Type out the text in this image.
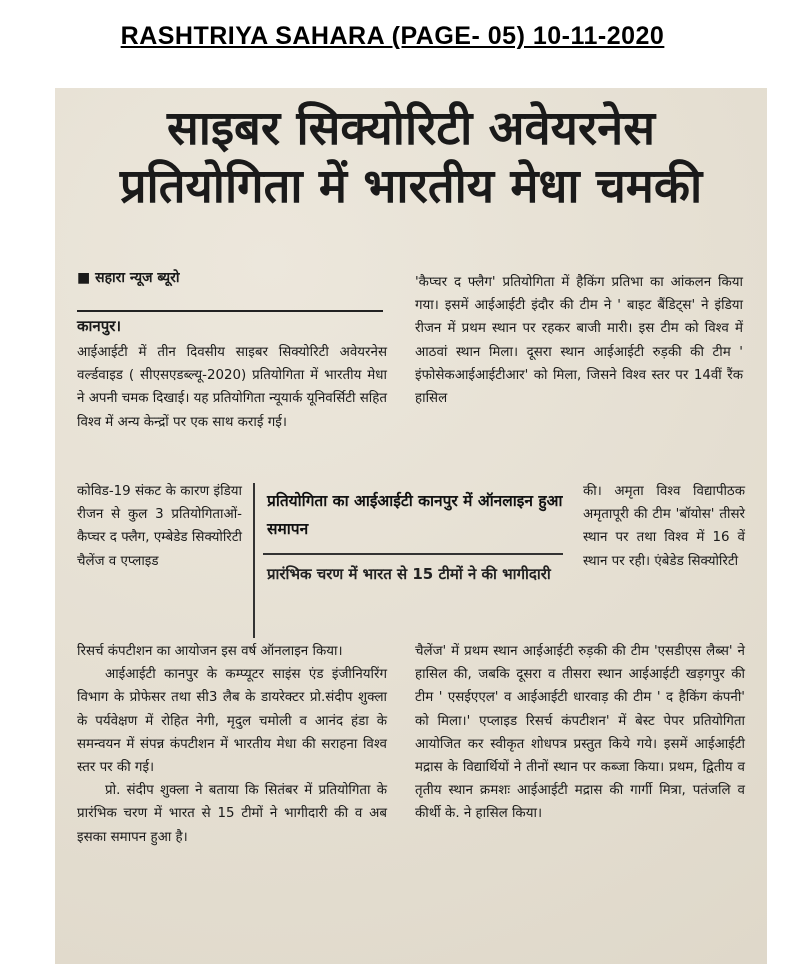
RASHTRIYA SAHARA (PAGE- 05) 10-11-2020
साइबर सिक्योरिटी अवेयरनेस
प्रतियोगिता में भारतीय मेधा चमकी
■ सहारा न्यूज ब्यूरो
कानपुर।

आईआईटी में तीन दिवसीय साइबर सिक्योरिटी अवेयरनेस वर्ल्डवाइड ( सीएसएडब्ल्यू-2020) प्रतियोगिता में भारतीय मेधा ने अपनी चमक दिखाई। यह प्रतियोगिता न्यूयार्क यूनिवर्सिटी सहित विश्व में अन्य केन्द्रों पर एक साथ कराई गई।

कोविड-19 संकट के कारण इंडिया रीजन से कुल 3 प्रतियोगिताओं- कैप्चर द फ्लैग, एम्बेडेड सिक्योरिटी चैलेंज व एप्लाइड

प्रतियोगिता का आईआईटी कानपुर में ऑनलाइन हुआ समापन
प्रारंभिक चरण में भारत से 15 टीमों ने की भागीदारी

रिसर्च कंपटीशन का आयोजन इस वर्ष ऑनलाइन किया।

आईआईटी कानपुर के कम्प्यूटर साइंस एंड इंजीनियरिंग विभाग के प्रोफेसर तथा सी3 लैब के डायरेक्टर प्रो.संदीप शुक्ला के पर्यवेक्षण में रोहित नेगी, मृदुल चमोली व आनंद हंडा के समन्वयन में संपन्न कंपटीशन में भारतीय मेधा की सराहना विश्व स्तर पर की गई।

प्रो. संदीप शुक्ला ने बताया कि सितंबर में प्रतियोगिता के प्रारंभिक चरण में भारत से 15 टीमों ने भागीदारी की व अब इसका समापन हुआ है।

'कैप्चर द फ्लैग' प्रतियोगिता में हैकिंग प्रतिभा का आंकलन किया गया। इसमें आईआईटी इंदौर की टीम ने ' बाइट बैंडिट्स' ने इंडिया रीजन में प्रथम स्थान पर रहकर बाजी मारी। इस टीम को विश्व में आठवां स्थान मिला। दूसरा स्थान आईआईटी रुड़की की टीम ' इंफोसेकआईआईटीआर' को मिला, जिसने विश्व स्तर पर 14वीं रैंक हासिल

की। अमृता विश्व विद्यापीठक अमृतापूरी की टीम 'बॉयोस' तीसरे स्थान पर तथा विश्व में 16 वें स्थान पर रही। एंबेडेड सिक्योरिटी

चैलेंज' में प्रथम स्थान आईआईटी रुड़की की टीम 'एसडीएस लैब्स' ने हासिल की, जबकि दूसरा व तीसरा स्थान आईआईटी खड़गपुर की टीम ' एसईएएल' व आईआईटी धारवाड़ की टीम ' द हैकिंग कंपनी' को मिला।' एप्लाइड रिसर्च कंपटीशन' में बेस्ट पेपर प्रतियोगिता आयोजित कर स्वीकृत शोधपत्र प्रस्तुत किये गये। इसमें आईआईटी मद्रास के विद्यार्थियों ने तीनों स्थान पर कब्जा किया। प्रथम, द्वितीय व तृतीय स्थान क्रमशः आईआईटी मद्रास की गार्गी मित्रा, पतंजलि व कीर्थी के. ने हासिल किया।
